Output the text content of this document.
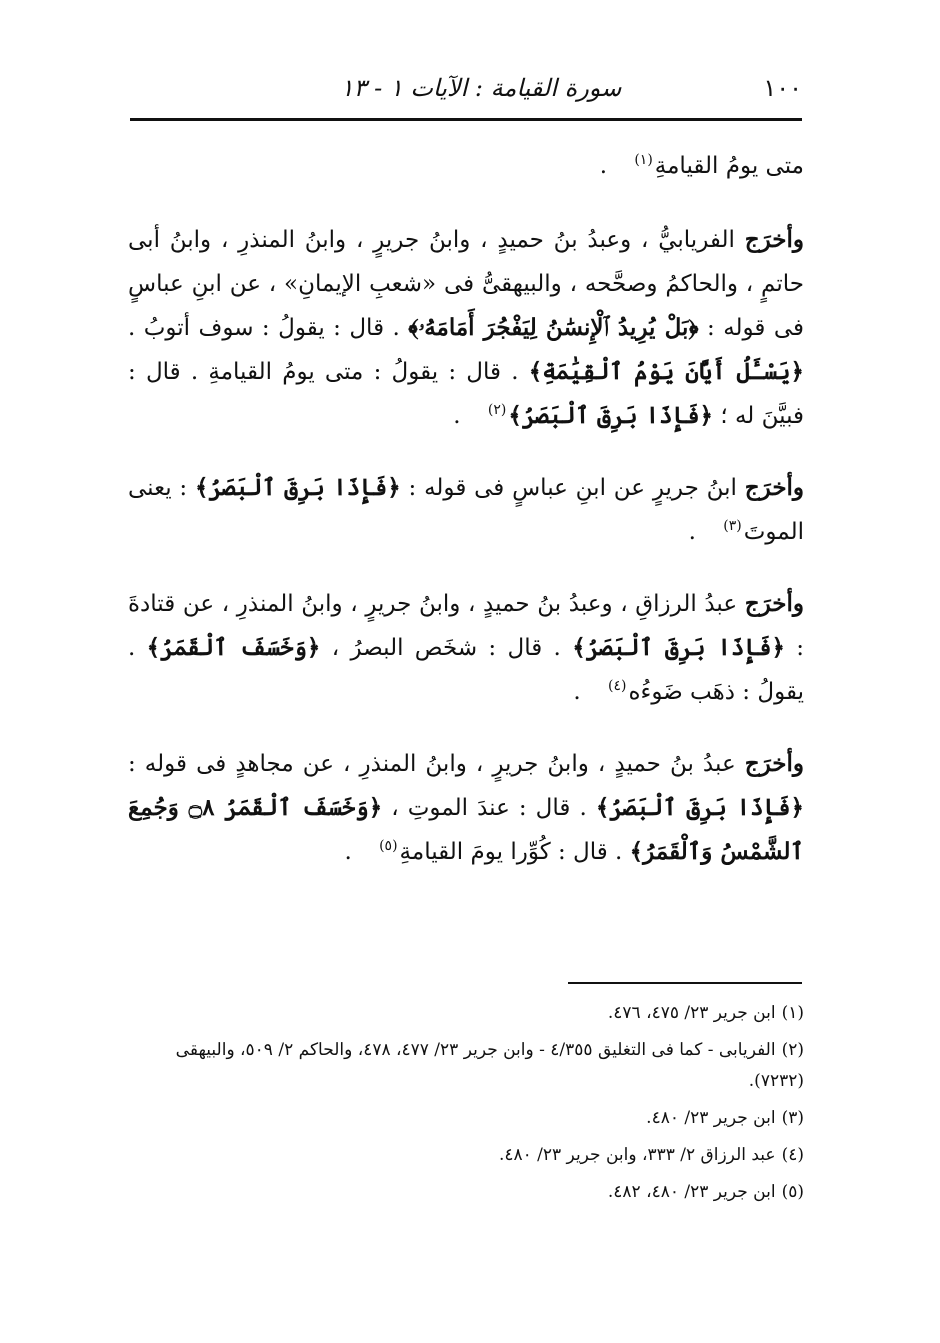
١٠٠
سورة القيامة : الآيات ١ - ١٣

متى يومُ القيامةِ$^{(١)}$ .

وأخرَج الفريابيُّ ، وعبدُ بنُ حميدٍ ، وابنُ جريرٍ ، وابنُ المنذرِ ، وابنُ أبى حاتمٍ ، والحاكمُ وصحَّحه ، والبيهقىُّ فى «شعبِ الإيمانِ» ، عن ابنِ عباسٍ فى قوله : ﴿بَلْ يُرِيدُ ٱلْإِنسَٰنُ لِيَفْجُرَ أَمَامَهُۥ﴾ . قال : يقولُ : سوف أتوبُ . ﴿يَسْـَٔلُ أَيَّانَ يَوْمُ ٱلْقِيَٰمَةِ﴾ . قال : يقولُ : متى يومُ القيامةِ . قال : فبيَّنَ له ؛ ﴿فَإِذَا بَرِقَ ٱلْبَصَرُ﴾$^{(٢)}$ .

وأخرَج ابنُ جريرٍ عن ابنِ عباسٍ فى قوله : ﴿فَإِذَا بَرِقَ ٱلْبَصَرُ﴾ : يعنى الموتَ$^{(٣)}$ .

وأخرَج عبدُ الرزاقِ ، وعبدُ بنُ حميدٍ ، وابنُ جريرٍ ، وابنُ المنذرِ ، عن قتادةَ : ﴿فَإِذَا بَرِقَ ٱلْبَصَرُ﴾ . قال : شخَص البصرُ ، ﴿وَخَسَفَ ٱلْقَمَرُ﴾ . يقولُ : ذهَب ضَوءُه$^{(٤)}$ .

وأخرَج عبدُ بنُ حميدٍ ، وابنُ جريرٍ ، وابنُ المنذرِ ، عن مجاهدٍ فى قوله : ﴿فَإِذَا بَرِقَ ٱلْبَصَرُ﴾ . قال : عندَ الموتِ ، ﴿وَخَسَفَ ٱلْقَمَرُ ۝٨ وَجُمِعَ ٱلشَّمْسُ وَٱلْقَمَرُ﴾ . قال : كُوِّرا يومَ القيامةِ$^{(٥)}$ .

(١)ابن جرير ٢٣/ ٤٧٥، ٤٧٦.

(٢)الفريابى - كما فى التغليق ٤/٣٥٥ - وابن جرير ٢٣/ ٤٧٧، ٤٧٨، والحاكم ٢/ ٥٠٩، والبيهقى (٧٢٣٢).

(٣)ابن جرير ٢٣/ ٤٨٠.

(٤)عبد الرزاق ٢/ ٣٣٣، وابن جرير ٢٣/ ٤٨٠.

(٥)ابن جرير ٢٣/ ٤٨٠، ٤٨٢.
